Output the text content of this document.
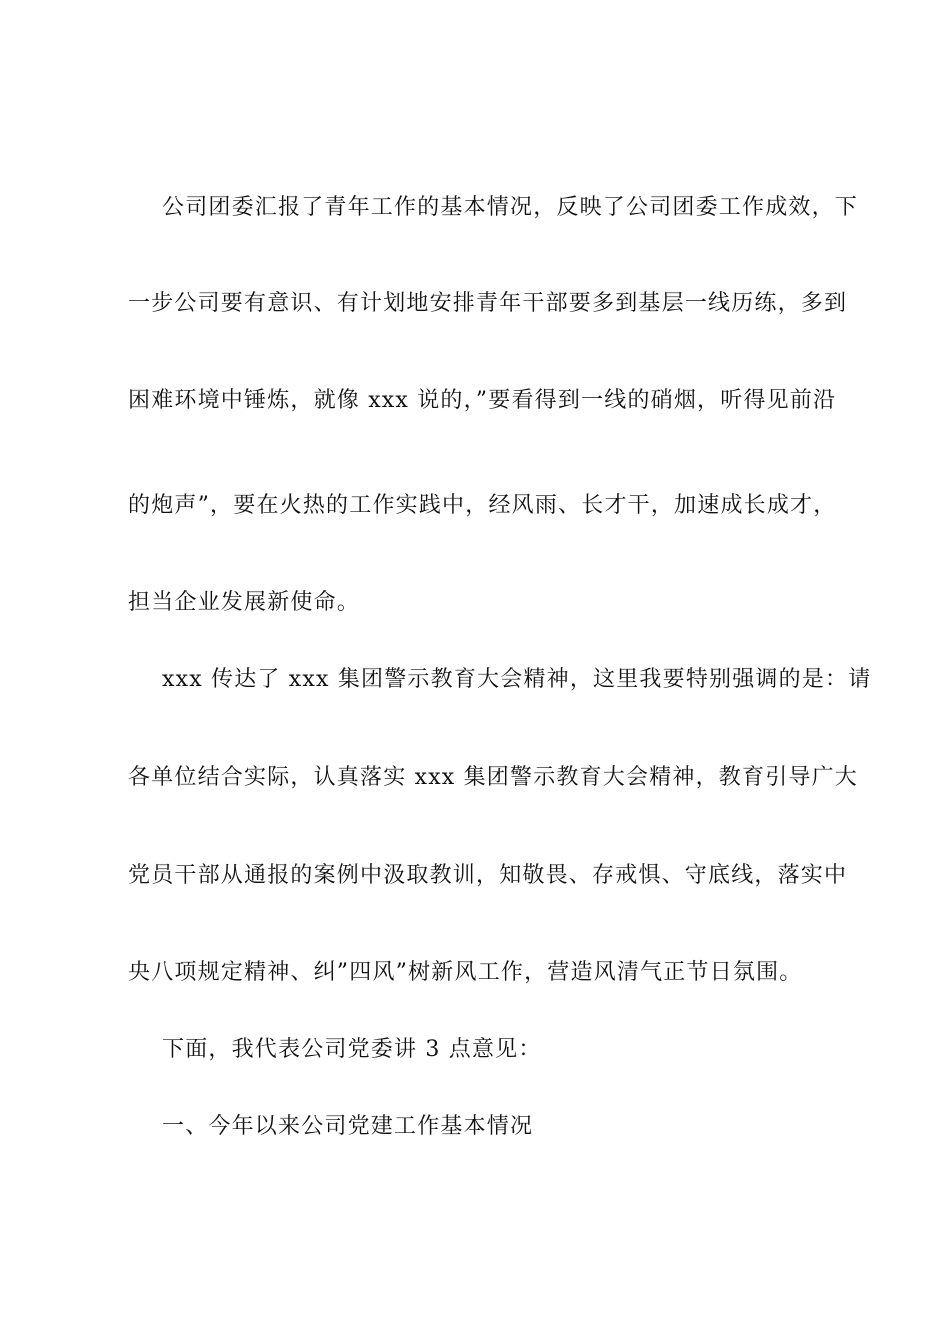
公司团委汇报了青年工作的基本情况，反映了公司团委工作成效，下
一步公司要有意识、有计划地安排青年干部要多到基层一线历练，多到
困难环境中锤炼，就像 xxx 说的，”要看得到一线的硝烟，听得见前沿
的炮声”，要在火热的工作实践中，经风雨、长才干，加速成长成才，
担当企业发展新使命。
xxx 传达了 xxx 集团警示教育大会精神，这里我要特别强调的是：请
各单位结合实际，认真落实 xxx 集团警示教育大会精神，教育引导广大
党员干部从通报的案例中汲取教训，知敬畏、存戒惧、守底线，落实中
央八项规定精神、纠”四风”树新风工作，营造风清气正节日氛围。
下面，我代表公司党委讲 3 点意见：
一、今年以来公司党建工作基本情况
